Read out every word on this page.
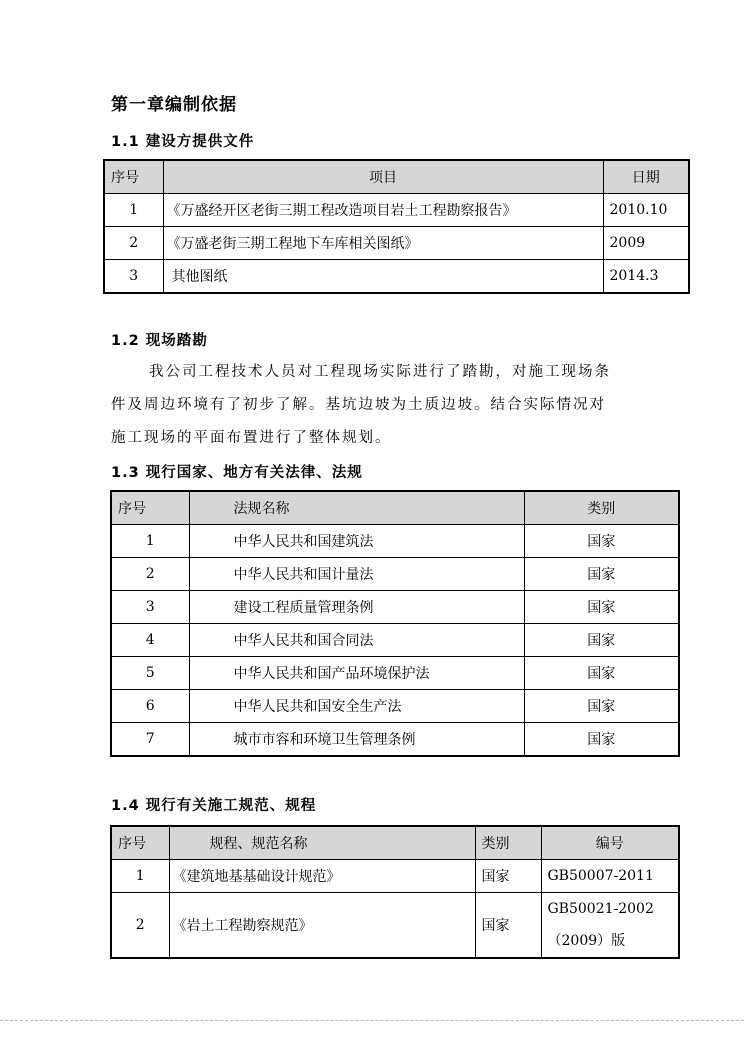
第一章编制依据
1.1 建设方提供文件
序号	项目	日期
1	《万盛经开区老街三期工程改造项目岩土工程勘察报告》	2010.10
2	《万盛老街三期工程地下车库相关图纸》	2009
3	其他图纸	2014.3
1.2 现场踏勘
我公司工程技术人员对工程现场实际进行了踏勘，对施工现场条
件及周边环境有了初步了解。基坑边坡为土质边坡。结合实际情况对
施工现场的平面布置进行了整体规划。
1.3 现行国家、地方有关法律、法规
序号	法规名称	类别
1	中华人民共和国建筑法	国家
2	中华人民共和国计量法	国家
3	建设工程质量管理条例	国家
4	中华人民共和国合同法	国家
5	中华人民共和国产品环境保护法	国家
6	中华人民共和国安全生产法	国家
7	城市市容和环境卫生管理条例	国家
1.4 现行有关施工规范、规程
序号	规程、规范名称	类别	编号
1	《建筑地基基础设计规范》	国家	GB50007-2011
2	《岩土工程勘察规范》	国家	GB50021-2002
（2009）版
